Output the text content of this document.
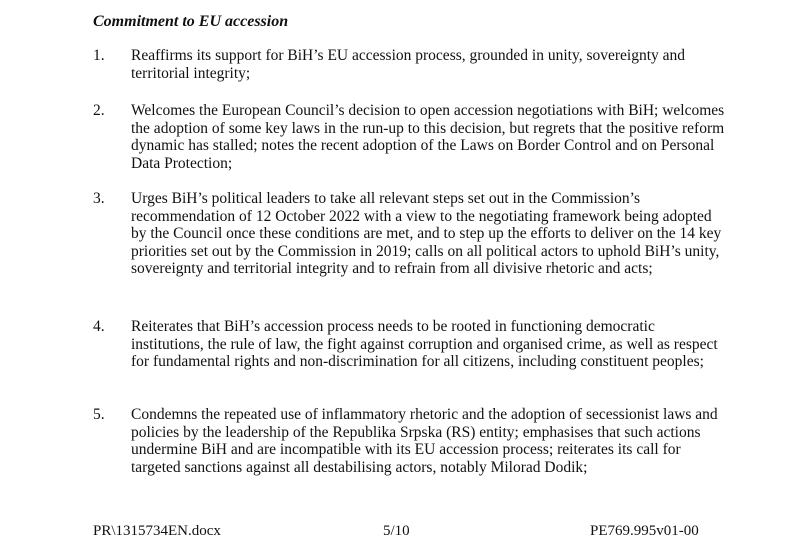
Commitment to EU accession
1. Reaffirms its support for BiH’s EU accession process, grounded in unity, sovereignty and territorial integrity;
2. Welcomes the European Council’s decision to open accession negotiations with BiH; welcomes the adoption of some key laws in the run-up to this decision, but regrets that the positive reform dynamic has stalled; notes the recent adoption of the Laws on Border Control and on Personal Data Protection;
3. Urges BiH’s political leaders to take all relevant steps set out in the Commission’s recommendation of 12 October 2022 with a view to the negotiating framework being adopted by the Council once these conditions are met, and to step up the efforts to deliver on the 14 key priorities set out by the Commission in 2019; calls on all political actors to uphold BiH’s unity, sovereignty and territorial integrity and to refrain from all divisive rhetoric and acts;
4. Reiterates that BiH’s accession process needs to be rooted in functioning democratic institutions, the rule of law, the fight against corruption and organised crime, as well as respect for fundamental rights and non-discrimination for all citizens, including constituent peoples;
5. Condemns the repeated use of inflammatory rhetoric and the adoption of secessionist laws and policies by the leadership of the Republika Srpska (RS) entity; emphasises that such actions undermine BiH and are incompatible with its EU accession process; reiterates its call for targeted sanctions against all destabilising actors, notably Milorad Dodik;
PR\1315734EN.docx	5/10	PE769.995v01-00
